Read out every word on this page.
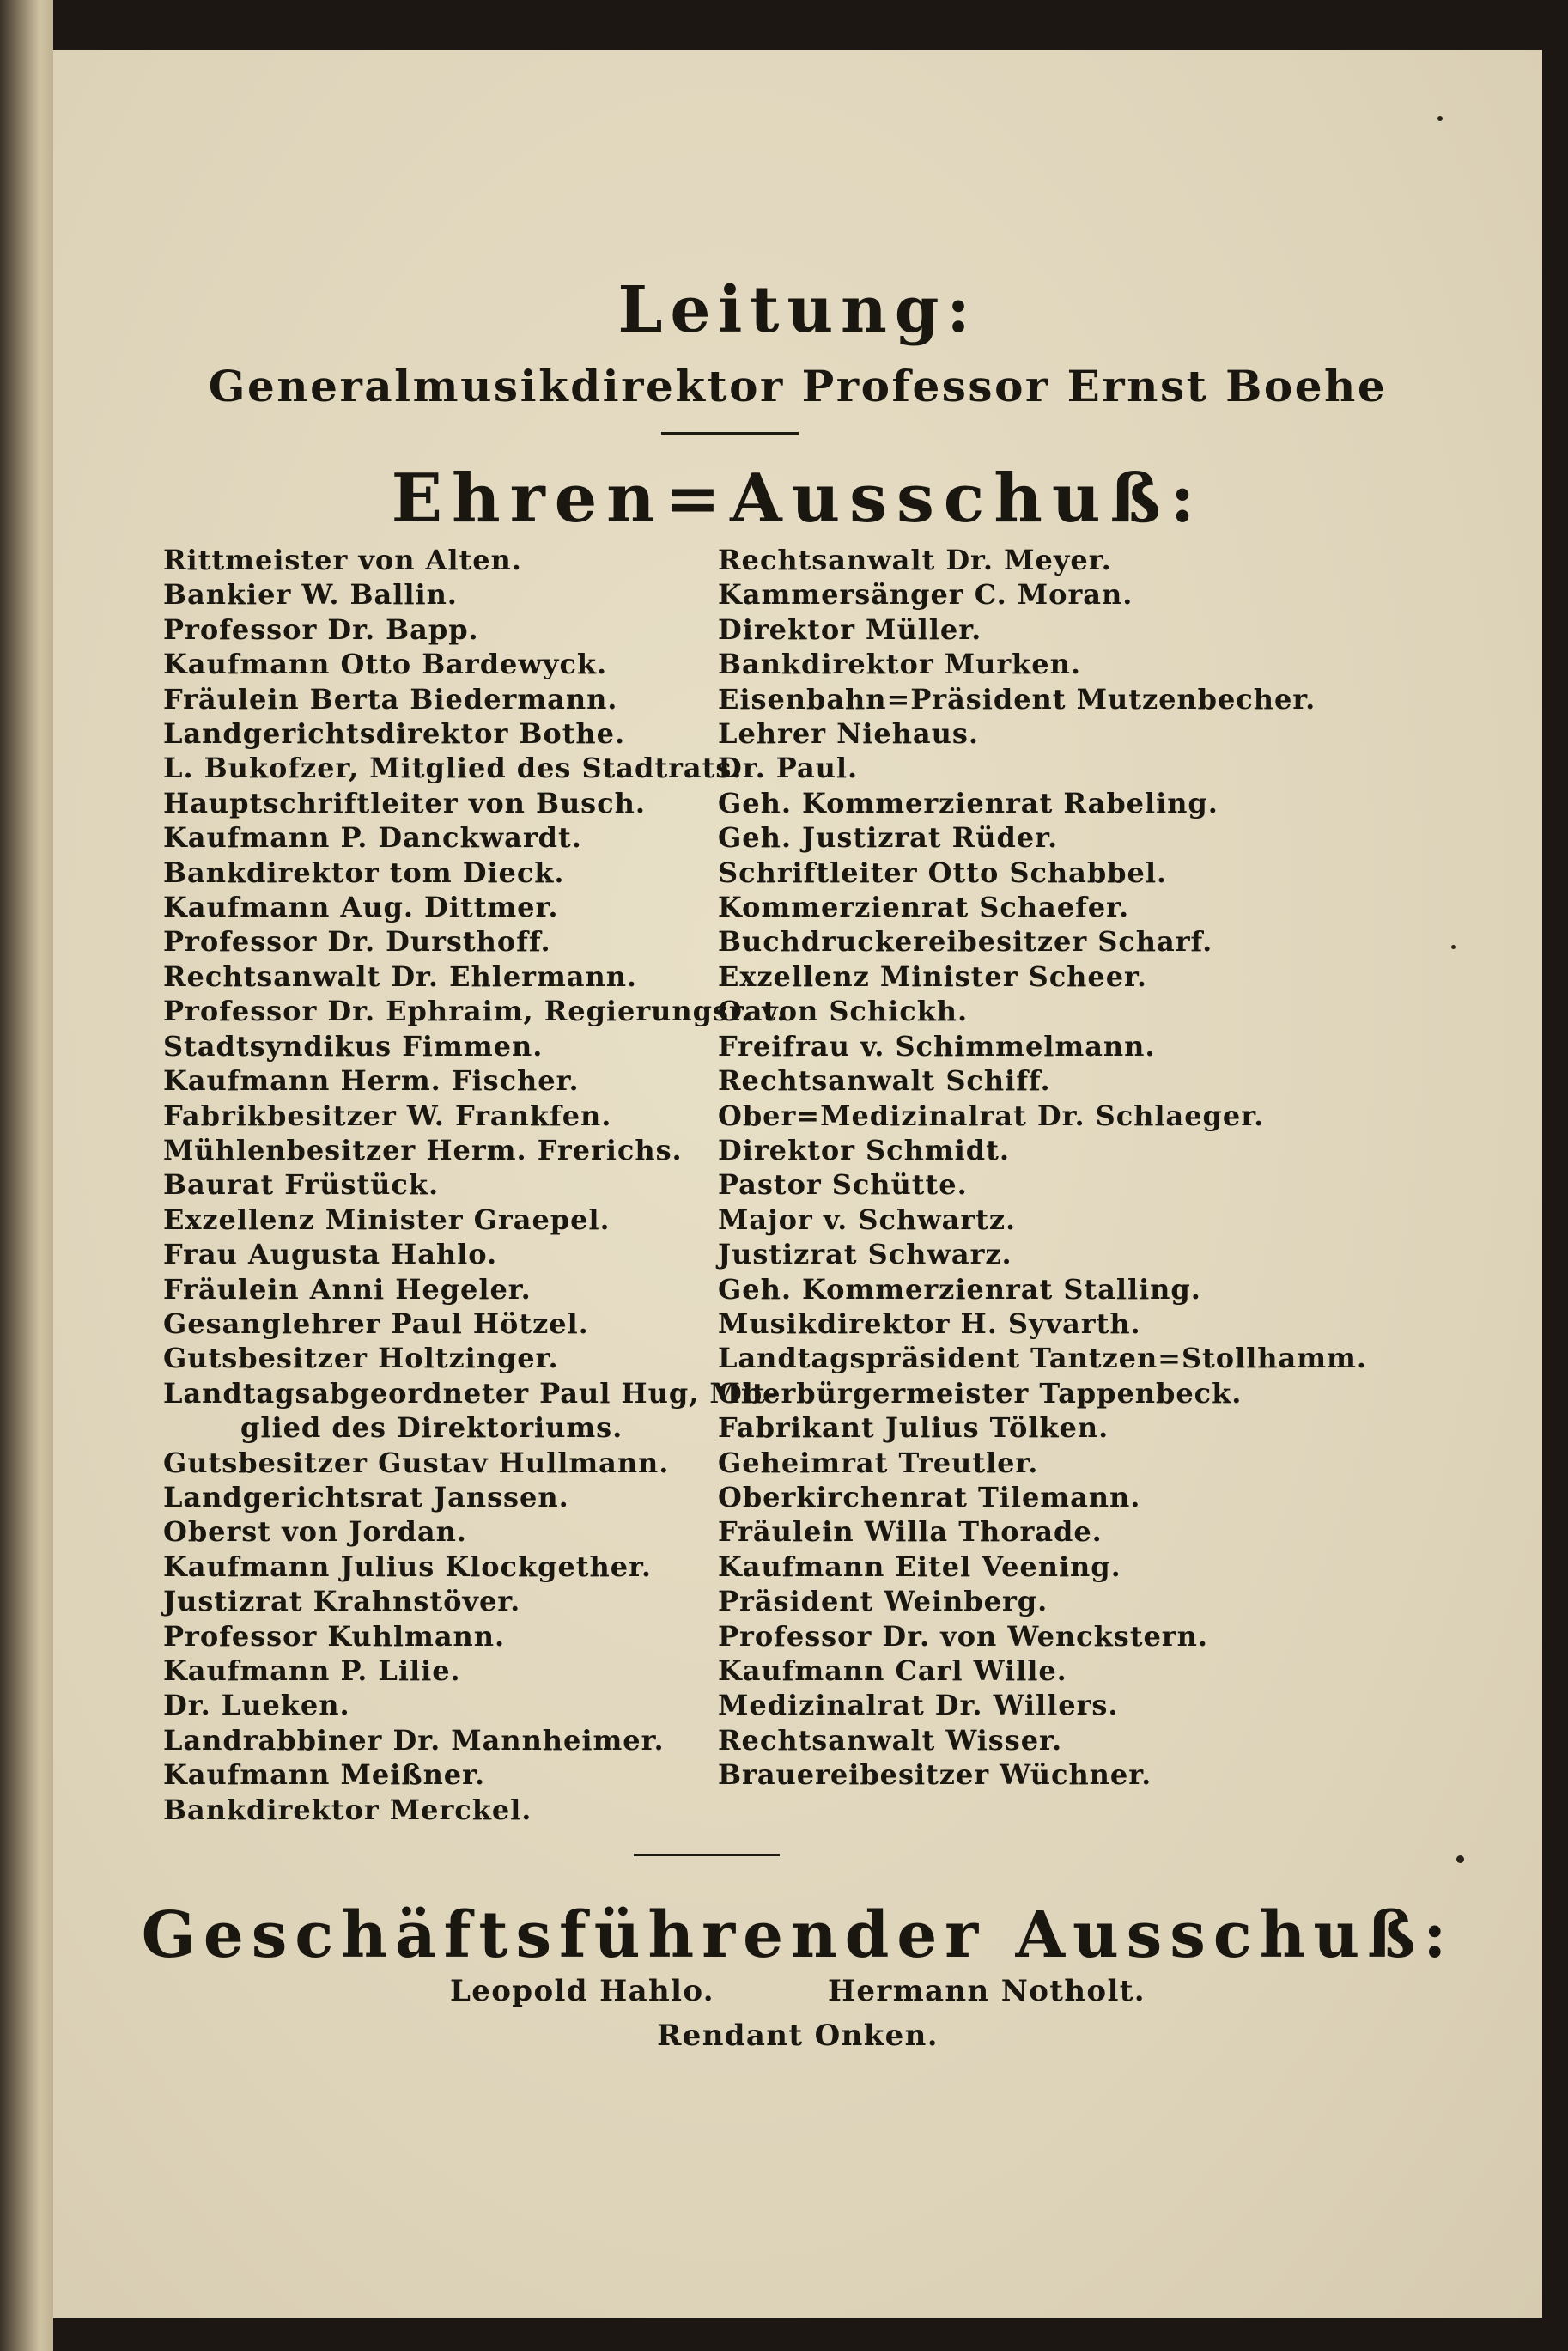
Leitung:
Generalmusikdirektor Professor Ernst Boehe
Ehren=Ausschuß:
Rittmeister von Alten.
Bankier W. Ballin.
Professor Dr. Bapp.
Kaufmann Otto Bardewyck.
Fräulein Berta Biedermann.
Landgerichtsdirektor Bothe.
L. Bukofzer, Mitglied des Stadtrats.
Hauptschriftleiter von Busch.
Kaufmann P. Danckwardt.
Bankdirektor tom Dieck.
Kaufmann Aug. Dittmer.
Professor Dr. Dursthoff.
Rechtsanwalt Dr. Ehlermann.
Professor Dr. Ephraim, Regierungsrat.
Stadtsyndikus Fimmen.
Kaufmann Herm. Fischer.
Fabrikbesitzer W. Frankfen.
Mühlenbesitzer Herm. Frerichs.
Baurat Früstück.
Exzellenz Minister Graepel.
Frau Augusta Hahlo.
Fräulein Anni Hegeler.
Gesanglehrer Paul Hötzel.
Gutsbesitzer Holtzinger.
Landtagsabgeordneter Paul Hug, Mit-
glied des Direktoriums.
Gutsbesitzer Gustav Hullmann.
Landgerichtsrat Janssen.
Oberst von Jordan.
Kaufmann Julius Klockgether.
Justizrat Krahnstöver.
Professor Kuhlmann.
Kaufmann P. Lilie.
Dr. Lueken.
Landrabbiner Dr. Mannheimer.
Kaufmann Meißner.
Bankdirektor Merckel.
Rechtsanwalt Dr. Meyer.
Kammersänger C. Moran.
Direktor Müller.
Bankdirektor Murken.
Eisenbahn=Präsident Mutzenbecher.
Lehrer Niehaus.
Dr. Paul.
Geh. Kommerzienrat Rabeling.
Geh. Justizrat Rüder.
Schriftleiter Otto Schabbel.
Kommerzienrat Schaefer.
Buchdruckereibesitzer Scharf.
Exzellenz Minister Scheer.
O. von Schickh.
Freifrau v. Schimmelmann.
Rechtsanwalt Schiff.
Ober=Medizinalrat Dr. Schlaeger.
Direktor Schmidt.
Pastor Schütte.
Major v. Schwartz.
Justizrat Schwarz.
Geh. Kommerzienrat Stalling.
Musikdirektor H. Syvarth.
Landtagspräsident Tantzen=Stollhamm.
Oberbürgermeister Tappenbeck.
Fabrikant Julius Tölken.
Geheimrat Treutler.
Oberkirchenrat Tilemann.
Fräulein Willa Thorade.
Kaufmann Eitel Veening.
Präsident Weinberg.
Professor Dr. von Wenckstern.
Kaufmann Carl Wille.
Medizinalrat Dr. Willers.
Rechtsanwalt Wisser.
Brauereibesitzer Wüchner.
Geschäftsführender Ausschuß:
Leopold Hahlo.	Hermann Notholt.
Rendant Onken.
